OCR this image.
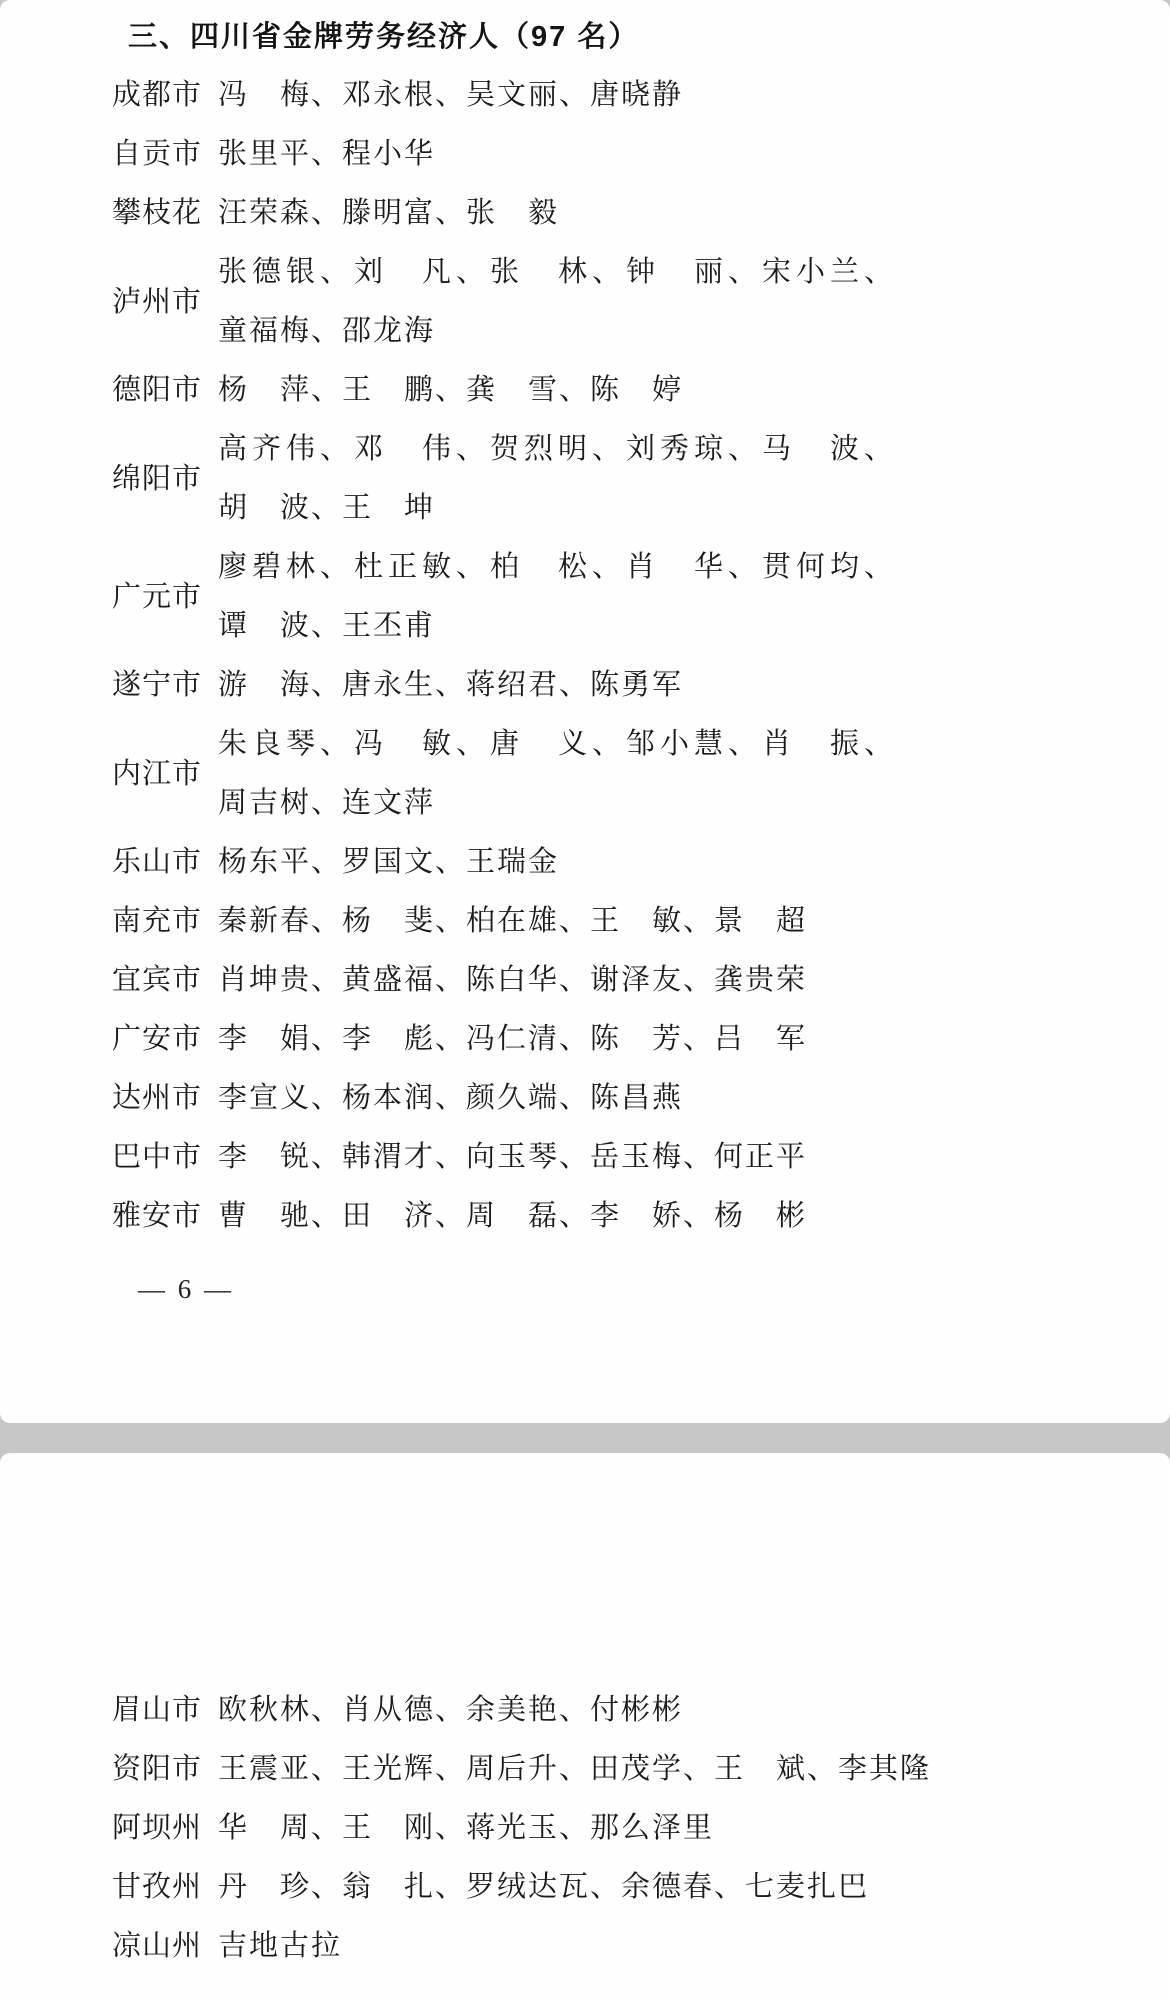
三、四川省金牌劳务经济人（97 名）
成都市 冯　梅、邓永根、吴文丽、唐晓静
自贡市 张里平、程小华
攀枝花 汪荣森、滕明富、张　毅
泸州市
张德银、刘　凡、张　林、钟　丽、宋小兰、
童福梅、邵龙海
德阳市 杨　萍、王　鹏、龚　雪、陈　婷
绵阳市
高齐伟、邓　伟、贺烈明、刘秀琼、马　波、
胡　波、王　坤
广元市
廖碧林、杜正敏、柏　松、肖　华、贯何均、
谭　波、王丕甫
遂宁市 游　海、唐永生、蒋绍君、陈勇军
内江市
朱良琴、冯　敏、唐　义、邹小慧、肖　振、
周吉树、连文萍
乐山市 杨东平、罗国文、王瑞金
南充市 秦新春、杨　斐、柏在雄、王　敏、景　超
宜宾市 肖坤贵、黄盛福、陈白华、谢泽友、龚贵荣
广安市 李　娟、李　彪、冯仁清、陈　芳、吕　军
达州市 李宣义、杨本润、颜久端、陈昌燕
巴中市 李　锐、韩渭才、向玉琴、岳玉梅、何正平
雅安市 曹　驰、田　济、周　磊、李　娇、杨　彬
— 6 —
眉山市 欧秋林、肖从德、余美艳、付彬彬
资阳市 王震亚、王光辉、周后升、田茂学、王　斌、李其隆
阿坝州 华　周、王　刚、蒋光玉、那么泽里
甘孜州 丹　珍、翁　扎、罗绒达瓦、余德春、七麦扎巴
凉山州 吉地古拉
